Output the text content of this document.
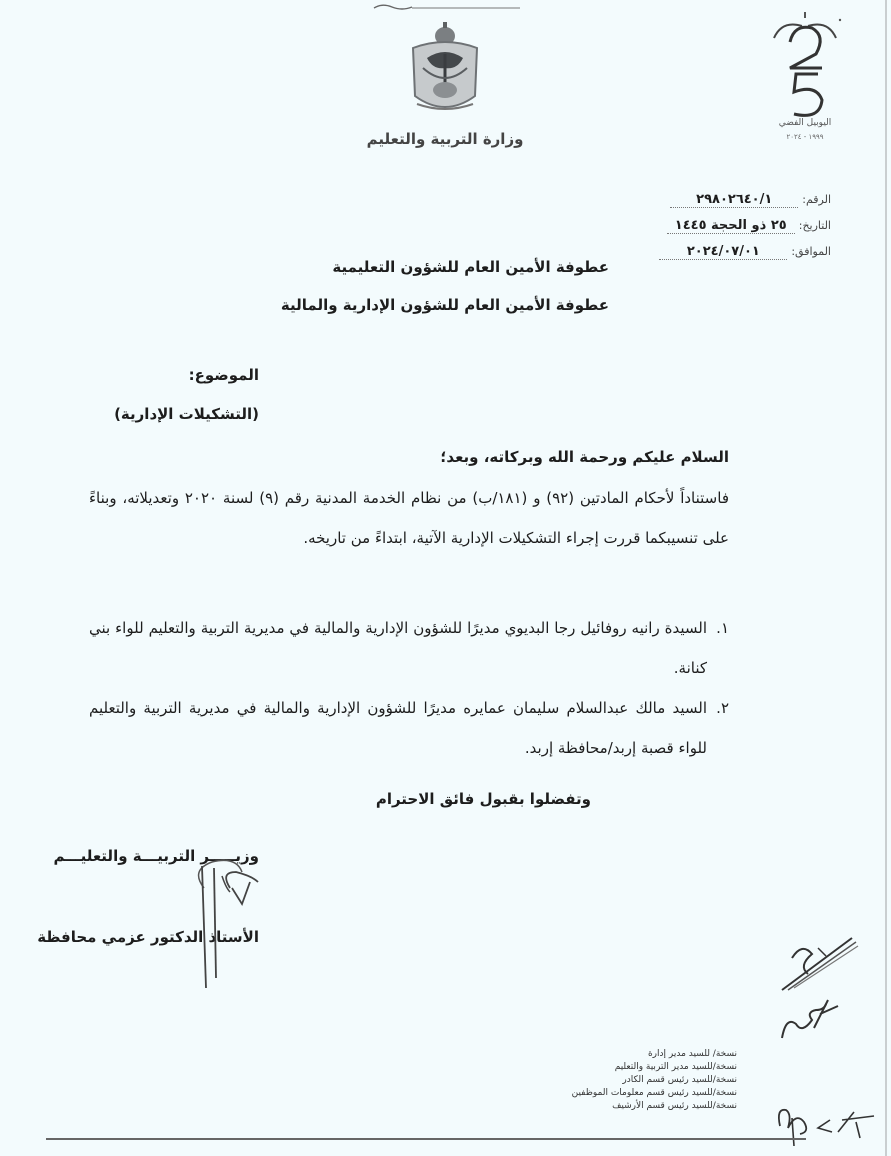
وزارة التربية والتعليم
اليوبيل الفضي
١٩٩٩ - ٢٠٢٤
الرقم:
٢٩٨٠٢٦٤٠/١
التاريخ:
٢٥ ذو الحجة ١٤٤٥
الموافق:
٢٠٢٤/٠٧/٠١
عطوفة الأمين العام للشؤون التعليمية
عطوفة الأمين العام للشؤون الإدارية والمالية
الموضوع:
(التشكيلات الإدارية)
السلام عليكم ورحمة الله وبركاته، وبعد؛
فاستناداً لأحكام المادتين (٩٢) و (١٨١/ب) من نظام الخدمة المدنية رقم (٩) لسنة ٢٠٢٠ وتعديلاته، وبناءً على تنسيبكما قررت إجراء التشكيلات الإدارية الآتية، ابتداءً من تاريخه.
١.
السيدة رانيه روفائيل رجا البديوي مديرًا للشؤون الإدارية والمالية في مديرية التربية والتعليم للواء بني كنانة.
٢.
السيد مالك عبدالسلام سليمان عمايره مديرًا للشؤون الإدارية والمالية في مديرية التربية والتعليم للواء قصبة إربد/محافظة إربد.
وتفضلوا بقبول فائق الاحترام
وزيـــــر التربيـــة والتعليـــم
الأستاذ الدكتور عزمي محافظة
نسخة/ للسيد مدير إدارة
نسخة/للسيد مدير التربية والتعليم
نسخة/للسيد رئيس قسم الكادر
نسخة/للسيد رئيس قسم معلومات الموظفين
نسخة/للسيد رئيس قسم الأرشيف
